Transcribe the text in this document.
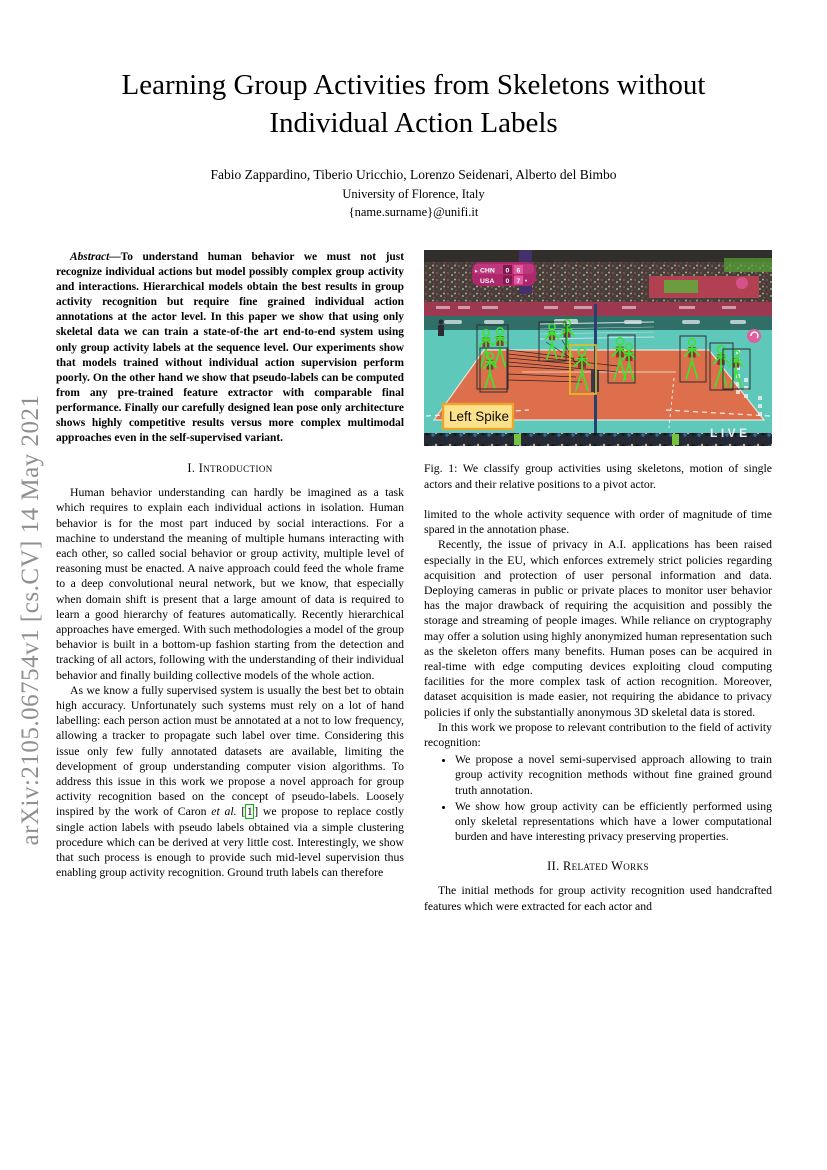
arXiv:2105.06754v1 [cs.CV] 14 May 2021
Learning Group Activities from Skeletons without
Individual Action Labels
Fabio Zappardino, Tiberio Uricchio, Lorenzo Seidenari, Alberto del Bimbo
University of Florence, Italy
{name.surname}@unifi.it

Abstract—To understand human behavior we must not just recognize individual actions but model possibly complex group activity and interactions. Hierarchical models obtain the best results in group activity recognition but require fine grained individual action annotations at the actor level. In this paper we show that using only skeletal data we can train a state-of-the art end-to-end system using only group activity labels at the sequence level. Our experiments show that models trained without individual action supervision perform poorly. On the other hand we show that pseudo-labels can be computed from any pre-trained feature extractor with comparable final performance. Finally our carefully designed lean pose only architecture shows highly competitive results versus more complex multimodal approaches even in the self-supervised variant.

I. Introduction

Human behavior understanding can hardly be imagined as a task which requires to explain each individual actions in isolation. Human behavior is for the most part induced by social interactions. For a machine to understand the meaning of multiple humans interacting with each other, so called social behavior or group activity, multiple level of reasoning must be enacted. A naive approach could feed the whole frame to a deep convolutional neural network, but we know, that especially when domain shift is present that a large amount of data is required to learn a good hierarchy of features automatically. Recently hierarchical approaches have emerged. With such methodologies a model of the group behavior is built in a bottom-up fashion starting from the detection and tracking of all actors, following with the understanding of their individual behavior and finally building collective models of the whole action.

As we know a fully supervised system is usually the best bet to obtain high accuracy. Unfortunately such systems must rely on a lot of hand labelling: each person action must be annotated at a not to low frequency, allowing a tracker to propagate such label over time. Considering this issue only few fully annotated datasets are available, limiting the development of group understanding computer vision algorithms. To address this issue in this work we propose a novel approach for group activity recognition based on the concept of pseudo-labels. Loosely inspired by the work of Caron et al. [ 1 ] we propose to replace costly single action labels with pseudo labels obtained via a simple clustering procedure which can be derived at very little cost. Interestingly, we show that such process is enough to provide such mid-level supervision thus enabling group activity recognition. Ground truth labels can therefore

▸ CHN 0 6
USA 0 7 •
Left Spike
LIVE
Fig. 1: We classify group activities using skeletons, motion of single actors and their relative positions to a pivot actor.

limited to the whole activity sequence with order of magnitude of time spared in the annotation phase.

Recently, the issue of privacy in A.I. applications has been raised especially in the EU, which enforces extremely strict policies regarding acquisition and protection of user personal information and data. Deploying cameras in public or private places to monitor user behavior has the major drawback of requiring the acquisition and possibly the storage and streaming of people images. While reliance on cryptography may offer a solution using highly anonymized human representation such as the skeleton offers many benefits. Human poses can be acquired in real-time with edge computing devices exploiting cloud computing facilities for the more complex task of action recognition. Moreover, dataset acquisition is made easier, not requiring the abidance to privacy policies if only the substantially anonymous 3D skeletal data is stored.

In this work we propose to relevant contribution to the field of activity recognition:

• We propose a novel semi-supervised approach allowing to train group activity recognition methods without fine grained ground truth annotation.
• We show how group activity can be efficiently performed using only skeletal representations which have a lower computational burden and have interesting privacy preserving properties.
II. Related Works

The initial methods for group activity recognition used handcrafted features which were extracted for each actor and
